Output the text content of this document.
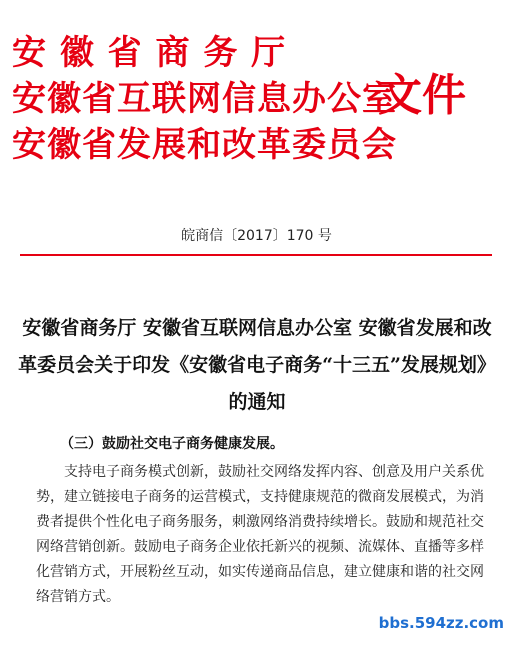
安 徽 省 商 务 厅
安徽省互联网信息办公室
安徽省发展和改革委员会
文件
皖商信〔2017〕170 号
安徽省商务厅 安徽省互联网信息办公室 安徽省发展和改革委员会关于印发《安徽省电子商务“十三五”发展规划》的通知
（三）鼓励社交电子商务健康发展。
支持电子商务模式创新，鼓励社交网络发挥内容、创意及用户关系优势，建立链接电子商务的运营模式，支持健康规范的微商发展模式，为消费者提供个性化电子商务服务，刺激网络消费持续增长。鼓励和规范社交网络营销创新。鼓励电子商务企业依托新兴的视频、流媒体、直播等多样化营销方式，开展粉丝互动，如实传递商品信息，建立健康和谐的社交网络营销方式。
bbs.594zz.com
